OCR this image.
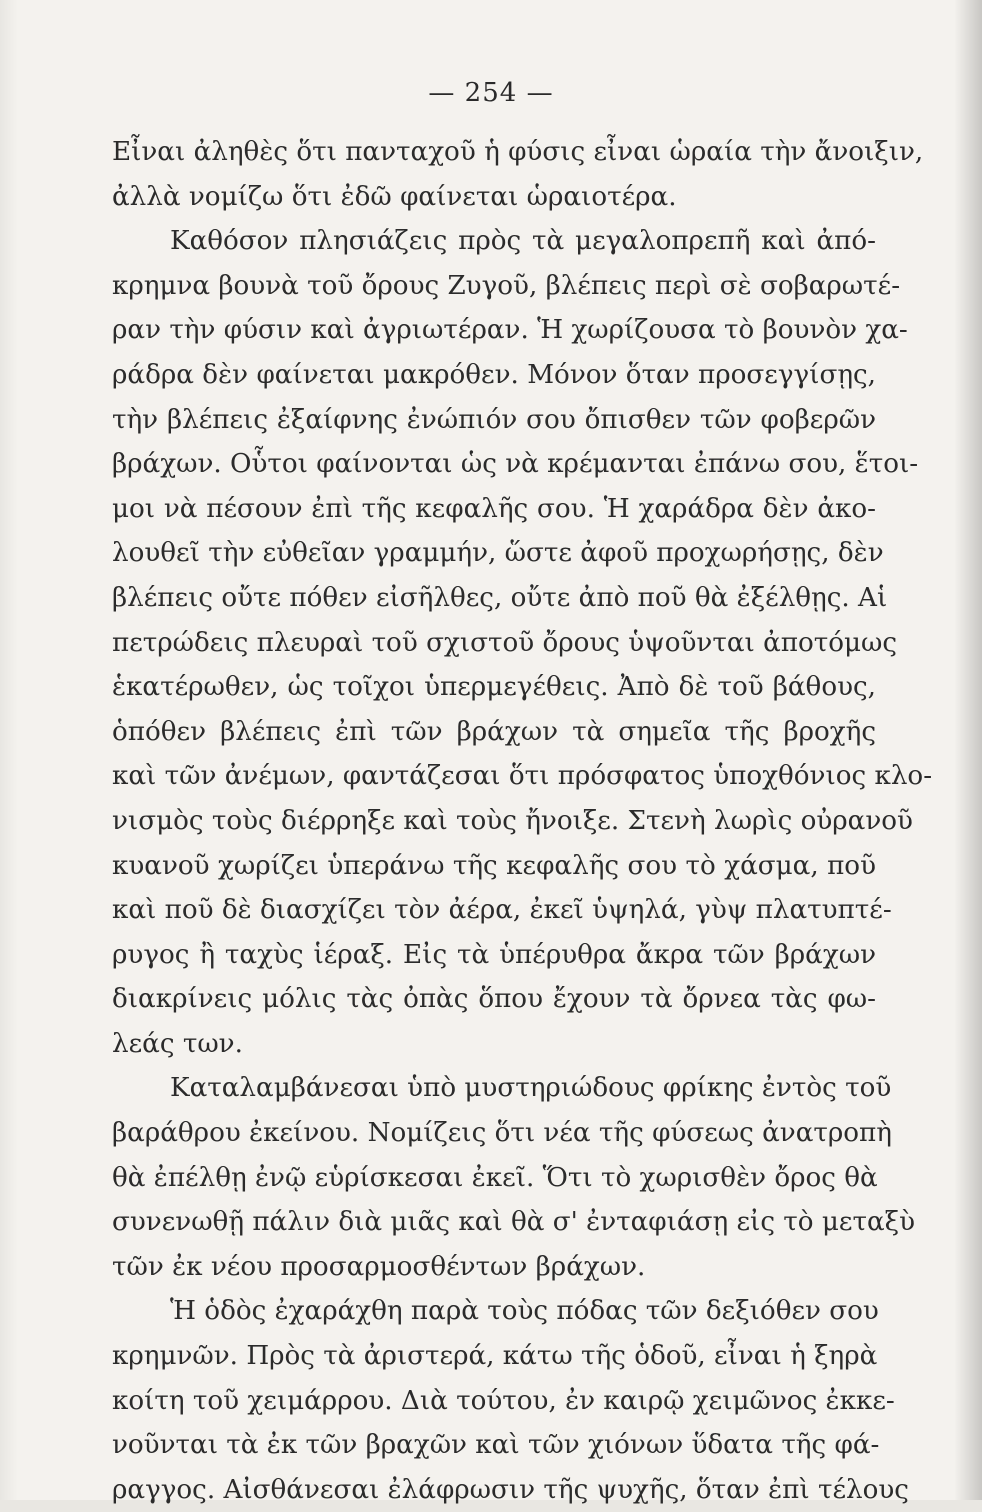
— 254 —
Εἶναι ἀληθὲς ὅτι πανταχοῦ ἡ φύσις εἶναι ὡραία τὴν ἄνοιξιν,
ἀλλὰ νομίζω ὅτι ἐδῶ φαίνεται ὡραιοτέρα.
Καθόσον πλησιάζεις πρὸς τὰ μεγαλοπρεπῆ καὶ ἀπό-
κρημνα βουνὰ τοῦ ὄρους Ζυγοῦ, βλέπεις περὶ σὲ σοβαρωτέ-
ραν τὴν φύσιν καὶ ἀγριωτέραν. Ἡ χωρίζουσα τὸ βουνὸν χα-
ράδρα δὲν φαίνεται μακρόθεν. Μόνον ὅταν προσεγγίσῃς,
τὴν βλέπεις ἐξαίφνης ἐνώπιόν σου ὄπισθεν τῶν φοβερῶν
βράχων. Οὗτοι φαίνονται ὡς νὰ κρέμανται ἐπάνω σου, ἕτοι-
μοι νὰ πέσουν ἐπὶ τῆς κεφαλῆς σου. Ἡ χαράδρα δὲν ἀκο-
λουθεῖ τὴν εὐθεῖαν γραμμήν, ὥστε ἀφοῦ προχωρήσῃς, δὲν
βλέπεις οὔτε πόθεν εἰσῆλθες, οὔτε ἀπὸ ποῦ θὰ ἐξέλθῃς. Αἱ
πετρώδεις πλευραὶ τοῦ σχιστοῦ ὄρους ὑψοῦνται ἀποτόμως
ἑκατέρωθεν, ὡς τοῖχοι ὑπερμεγέθεις. Ἀπὸ δὲ τοῦ βάθους,
ὁπόθεν βλέπεις ἐπὶ τῶν βράχων τὰ σημεῖα τῆς βροχῆς
καὶ τῶν ἀνέμων, φαντάζεσαι ὅτι πρόσφατος ὑποχθόνιος κλο-
νισμὸς τοὺς διέρρηξε καὶ τοὺς ἤνοιξε. Στενὴ λωρὶς οὐρανοῦ
κυανοῦ χωρίζει ὑπεράνω τῆς κεφαλῆς σου τὸ χάσμα, ποῦ
καὶ ποῦ δὲ διασχίζει τὸν ἀέρα, ἐκεῖ ὑψηλά, γὺψ πλατυπτέ-
ρυγος ἢ ταχὺς ἱέραξ. Εἰς τὰ ὑπέρυθρα ἄκρα τῶν βράχων
διακρίνεις μόλις τὰς ὀπὰς ὅπου ἔχουν τὰ ὄρνεα τὰς φω-
λεάς των.
Καταλαμβάνεσαι ὑπὸ μυστηριώδους φρίκης ἐντὸς τοῦ
βαράθρου ἐκείνου. Νομίζεις ὅτι νέα τῆς φύσεως ἀνατροπὴ
θὰ ἐπέλθῃ ἐνῷ εὑρίσκεσαι ἐκεῖ. Ὅτι τὸ χωρισθὲν ὄρος θὰ
συνενωθῇ πάλιν διὰ μιᾶς καὶ θὰ σ' ἐνταφιάσῃ εἰς τὸ μεταξὺ
τῶν ἐκ νέου προσαρμοσθέντων βράχων.
Ἡ ὁδὸς ἐχαράχθη παρὰ τοὺς πόδας τῶν δεξιόθεν σου
κρημνῶν. Πρὸς τὰ ἀριστερά, κάτω τῆς ὁδοῦ, εἶναι ἡ ξηρὰ
κοίτη τοῦ χειμάρρου. Διὰ τούτου, ἐν καιρῷ χειμῶνος ἐκκε-
νοῦνται τὰ ἐκ τῶν βραχῶν καὶ τῶν χιόνων ὕδατα τῆς φά-
ραγγος. Αἰσθάνεσαι ἐλάφρωσιν τῆς ψυχῆς, ὅταν ἐπὶ τέλους
